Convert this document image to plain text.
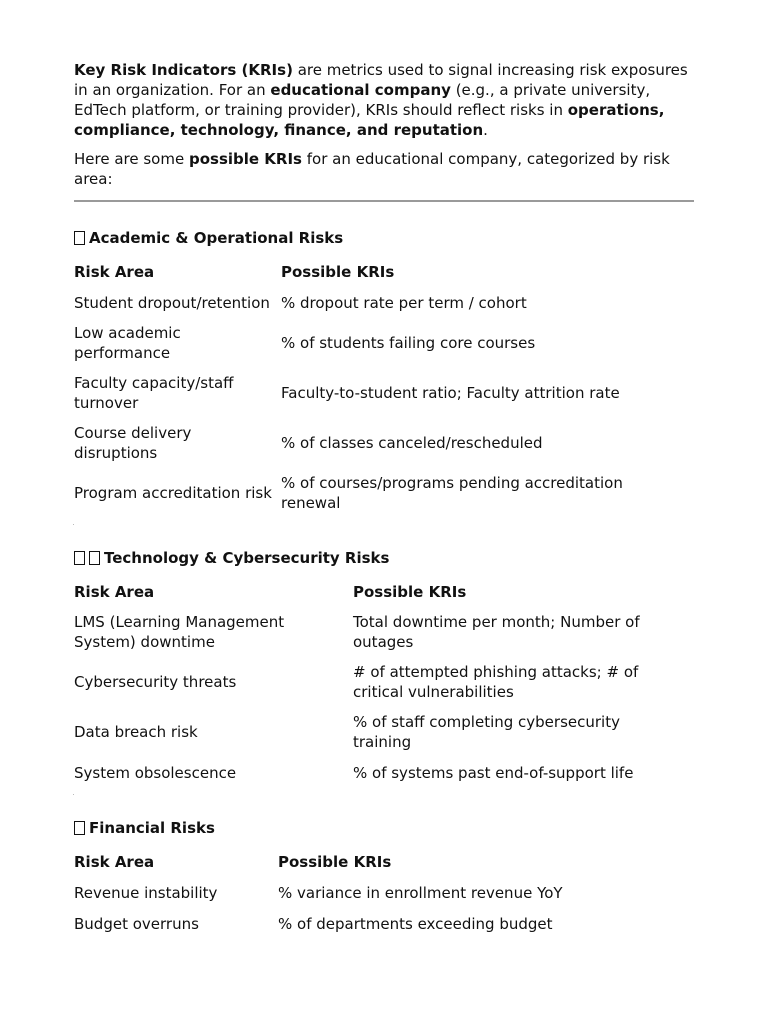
Key Risk Indicators (KRIs) are metrics used to signal increasing risk exposures in an organization. For an educational company (e.g., a private university, EdTech platform, or training provider), KRIs should reflect risks in operations, compliance, technology, finance, and reputation.

Here are some possible KRIs for an educational company, categorized by risk area:

Academic & Operational Risks
Risk Area	Possible KRIs
Student dropout/retention	% dropout rate per term / cohort
Low academic performance	% of students failing core courses
Faculty capacity/staff turnover	Faculty-to-student ratio; Faculty attrition rate
Course delivery disruptions	% of classes canceled/rescheduled
Program accreditation risk	% of courses/programs pending accreditation renewal
Technology & Cybersecurity Risks
Risk Area	Possible KRIs
LMS (Learning Management System) downtime	Total downtime per month; Number of outages
Cybersecurity threats	# of attempted phishing attacks; # of critical vulnerabilities
Data breach risk	% of staff completing cybersecurity training
System obsolescence	% of systems past end-of-support life
Financial Risks
Risk Area	Possible KRIs
Revenue instability	% variance in enrollment revenue YoY
Budget overruns	% of departments exceeding budget
